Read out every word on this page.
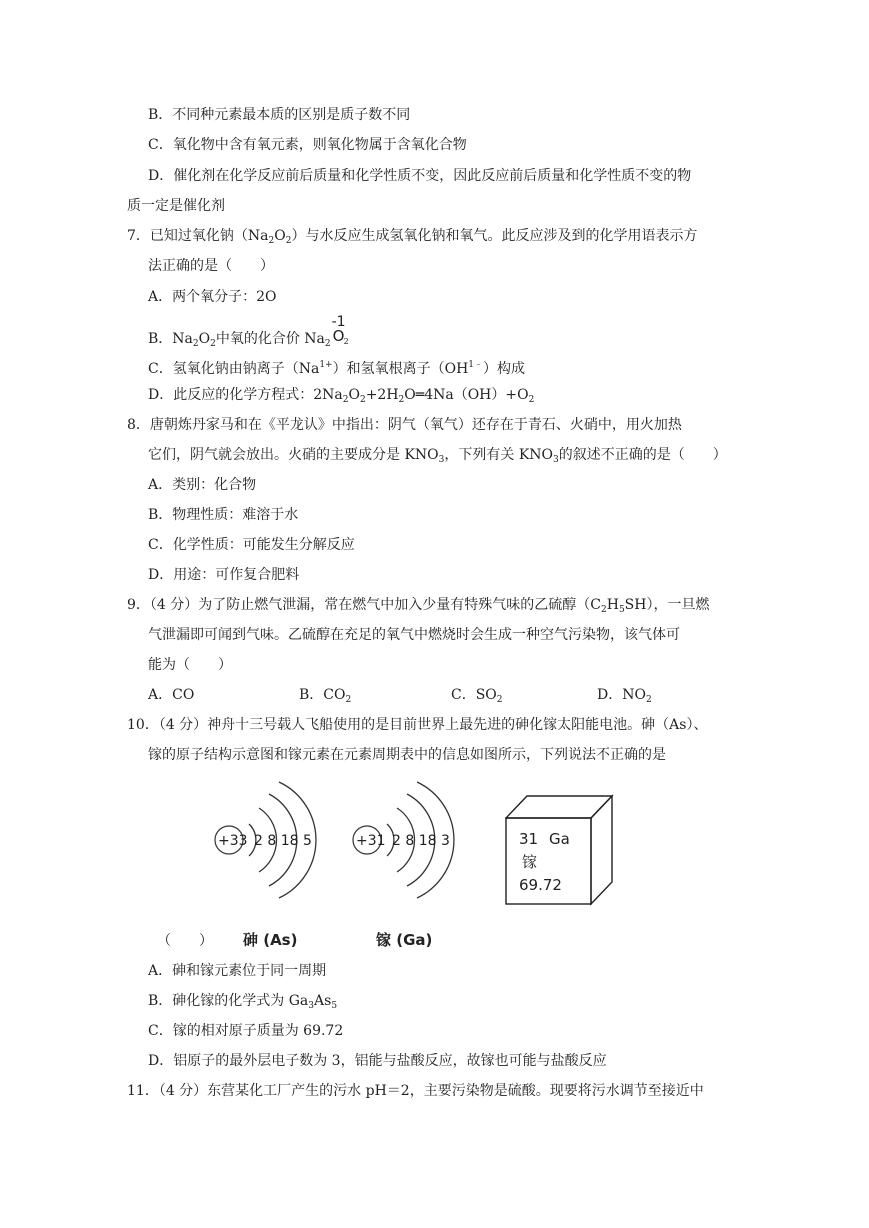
B．不同种元素最本质的区别是质子数不同
C．氧化物中含有氧元素，则氧化物属于含氧化合物
D．催化剂在化学反应前后质量和化学性质不变，因此反应前后质量和化学性质不变的物
质一定是催化剂
7．已知过氧化钠$(Na_2O_2)$与水反应生成氢氧化钠和氧气。此反应涉及到的化学用语表示方
法正确的是（　　）
A．两个氧分子：2O
B．$Na_2O_2$中氧的化合价 $Na_2$
-1
O 2
C．氢氧化钠由钠离子$(Na^{1+})$和氢氧根离子$(OH^{1﹣})$构成
D．此反应的化学方程式：$2Na_2O_2+2H_2O═4Na(OH)+O_2$
8．唐朝炼丹家马和在《平龙认》中指出：阴气（氧气）还存在于青石、火硝中，用火加热
它们，阴气就会放出。火硝的主要成分是 $KNO_3$，下列有关 $KNO_3$的叙述不正确的是（　　）
A．类别：化合物
B．物理性质：难溶于水
C．化学性质：可能发生分解反应
D．用途：可作复合肥料
9．（4 分）为了防止燃气泄漏，常在燃气中加入少量有特殊气味的乙硫醇$(C_2H_5SH)$，一旦燃
气泄漏即可闻到气味。乙硫醇在充足的氧气中燃烧时会生成一种空气污染物，该气体可
能为（　　）
A．CO	B．$CO_2$	C．$SO_2$	D．$NO_2$
10．（4 分）神舟十三号载人飞船使用的是目前世界上最先进的砷化镓太阳能电池。砷（As）、
镓的原子结构示意图和镓元素在元素周期表中的信息如图所示，下列说法不正确的是
+33 2 8 18 5	+31 2 8 18 3	31 Ga
镓
69.72
（　　） 砷 (As)	镓 (Ga)
A．砷和镓元素位于同一周期
B．砷化镓的化学式为 $Ga_3As_5$
C．镓的相对原子质量为 69.72
D．铝原子的最外层电子数为 3，铝能与盐酸反应，故镓也可能与盐酸反应
11．（4 分）东营某化工厂产生的污水 pH＝2，主要污染物是硫酸。现要将污水调节至接近中
